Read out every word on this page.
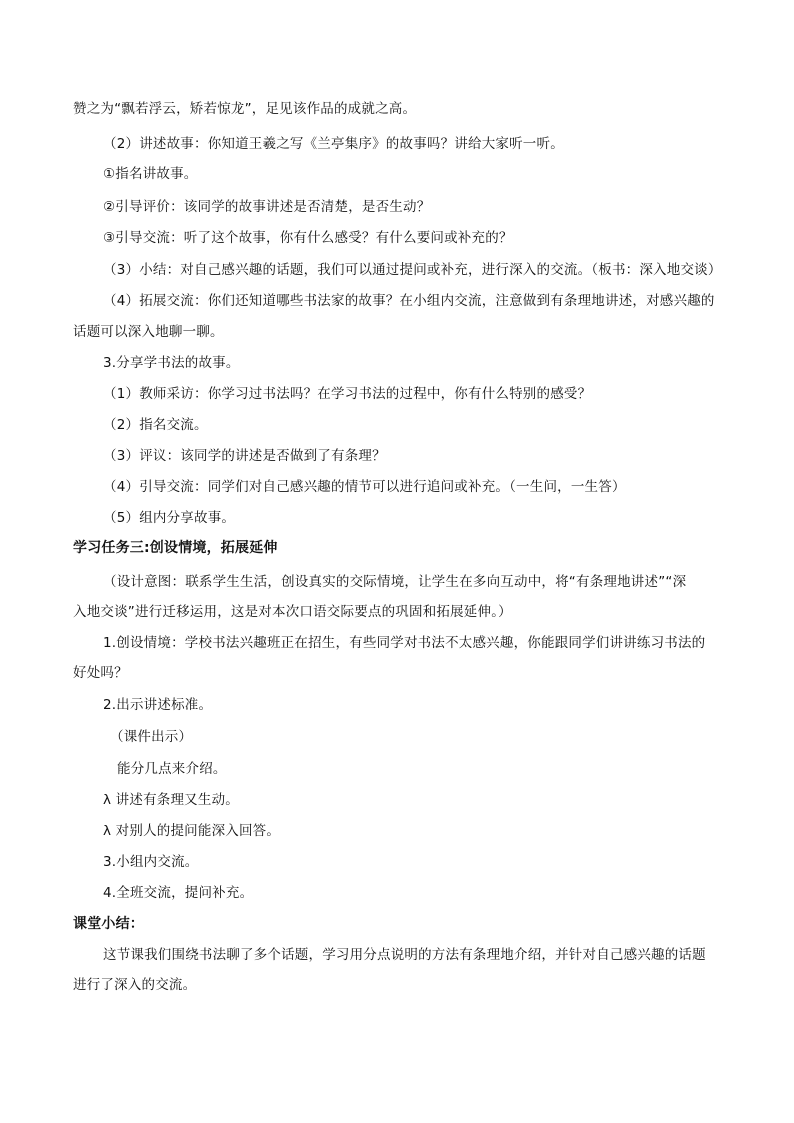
赞之为“飘若浮云，矫若惊龙”，足见该作品的成就之高。
（2）讲述故事：你知道王羲之写《兰亭集序》的故事吗？讲给大家听一听。
①指名讲故事。
②引导评价：该同学的故事讲述是否清楚，是否生动？
③引导交流：听了这个故事，你有什么感受？有什么要问或补充的？
（3）小结：对自己感兴趣的话题，我们可以通过提问或补充，进行深入的交流。（板书：深入地交谈）
（4）拓展交流：你们还知道哪些书法家的故事？在小组内交流，注意做到有条理地讲述，对感兴趣的
话题可以深入地聊一聊。
3.分享学书法的故事。
（1）教师采访：你学习过书法吗？在学习书法的过程中，你有什么特别的感受？
（2）指名交流。
（3）评议：该同学的讲述是否做到了有条理？
（4）引导交流：同学们对自己感兴趣的情节可以进行追问或补充。（一生问，一生答）
（5）组内分享故事。
学习任务三:创设情境，拓展延伸
（设计意图：联系学生生活，创设真实的交际情境，让学生在多向互动中，将“有条理地讲述”“深
入地交谈”进行迁移运用，这是对本次口语交际要点的巩固和拓展延伸。）
1.创设情境：学校书法兴趣班正在招生，有些同学对书法不太感兴趣，你能跟同学们讲讲练习书法的
好处吗？
2.出示讲述标准。
（课件出示）
能分几点来介绍。
λ 讲述有条理又生动。
λ 对别人的提问能深入回答。
3.小组内交流。
4.全班交流，提问补充。
课堂小结：
这节课我们围绕书法聊了多个话题，学习用分点说明的方法有条理地介绍，并针对自己感兴趣的话题
进行了深入的交流。
